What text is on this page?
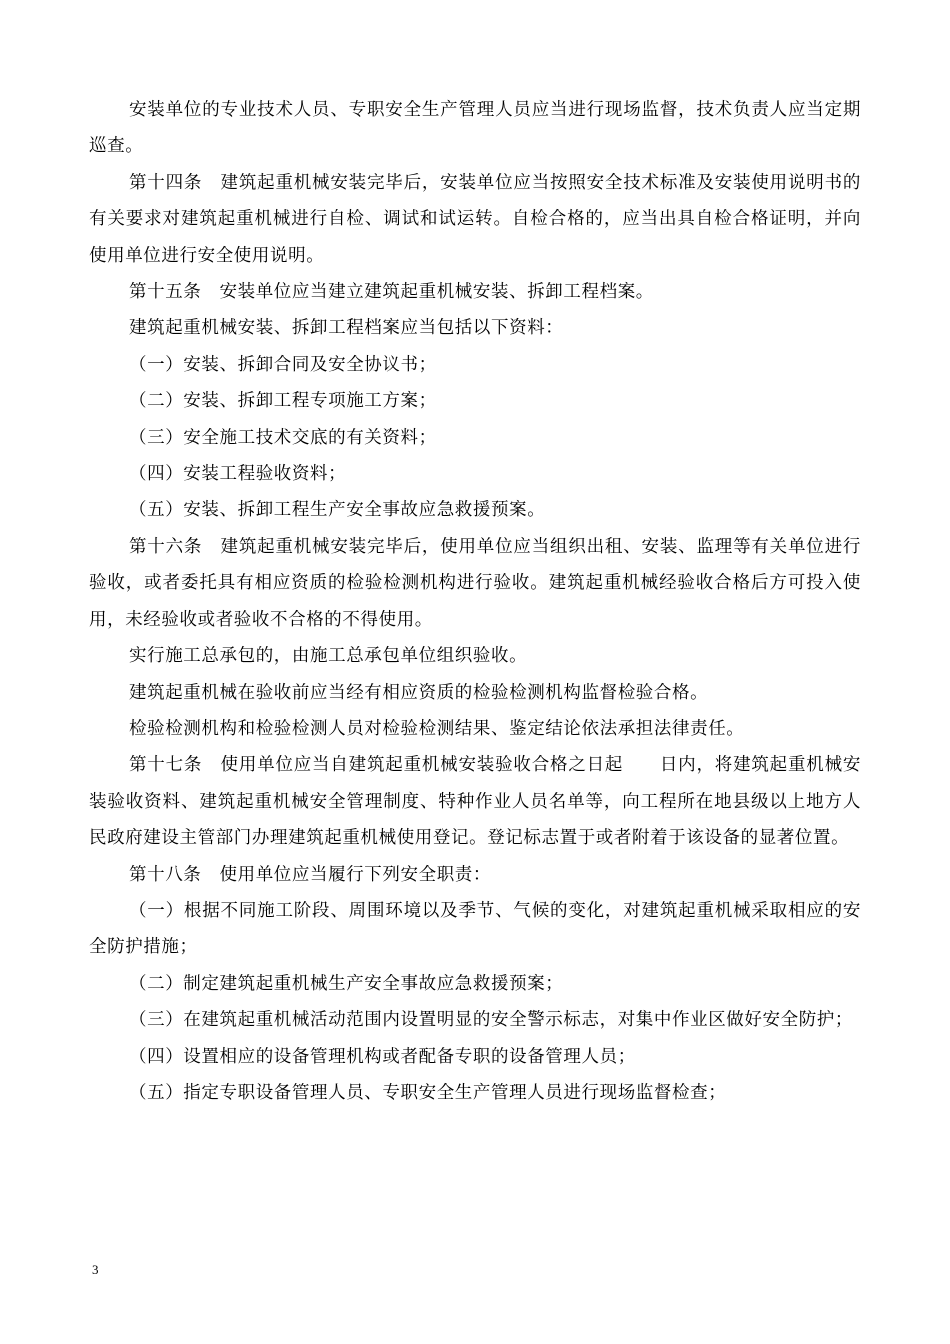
安装单位的专业技术人员、专职安全生产管理人员应当进行现场监督，技术负责人应当定期巡查。

第十四条　建筑起重机械安装完毕后，安装单位应当按照安全技术标准及安装使用说明书的有关要求对建筑起重机械进行自检、调试和试运转。自检合格的，应当出具自检合格证明，并向使用单位进行安全使用说明。

第十五条　安装单位应当建立建筑起重机械安装、拆卸工程档案。

建筑起重机械安装、拆卸工程档案应当包括以下资料：

（一）安装、拆卸合同及安全协议书；

（二）安装、拆卸工程专项施工方案；

（三）安全施工技术交底的有关资料；

（四）安装工程验收资料；

（五）安装、拆卸工程生产安全事故应急救援预案。

第十六条　建筑起重机械安装完毕后，使用单位应当组织出租、安装、监理等有关单位进行验收，或者委托具有相应资质的检验检测机构进行验收。建筑起重机械经验收合格后方可投入使用，未经验收或者验收不合格的不得使用。

实行施工总承包的，由施工总承包单位组织验收。

建筑起重机械在验收前应当经有相应资质的检验检测机构监督检验合格。

检验检测机构和检验检测人员对检验检测结果、鉴定结论依法承担法律责任。

第十七条　使用单位应当自建筑起重机械安装验收合格之日起　　日内，将建筑起重机械安装验收资料、建筑起重机械安全管理制度、特种作业人员名单等，向工程所在地县级以上地方人民政府建设主管部门办理建筑起重机械使用登记。登记标志置于或者附着于该设备的显著位置。

第十八条　使用单位应当履行下列安全职责：

（一）根据不同施工阶段、周围环境以及季节、气候的变化，对建筑起重机械采取相应的安全防护措施；

（二）制定建筑起重机械生产安全事故应急救援预案；

（三）在建筑起重机械活动范围内设置明显的安全警示标志，对集中作业区做好安全防护；

（四）设置相应的设备管理机构或者配备专职的设备管理人员；

（五）指定专职设备管理人员、专职安全生产管理人员进行现场监督检查；

3
